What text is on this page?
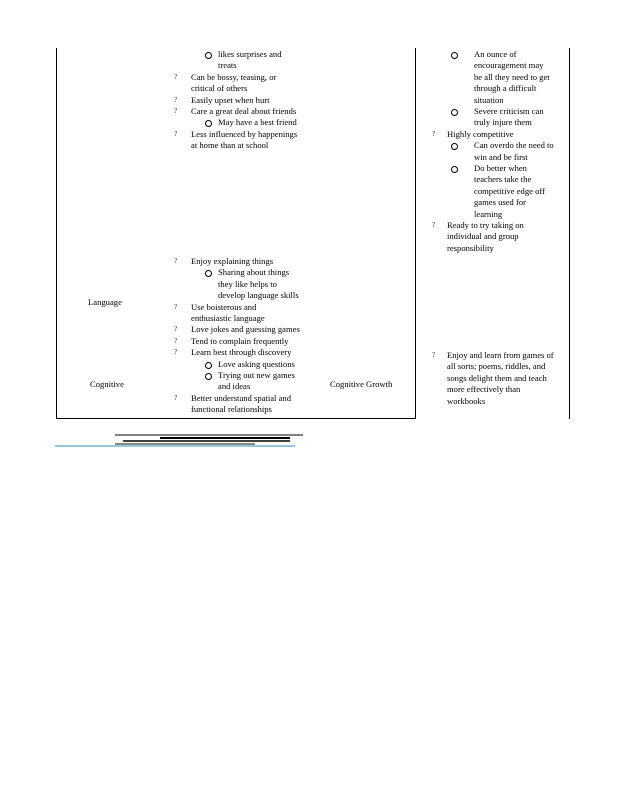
likes surprises and
treats
? Can be bossy, teasing, or
critical of others
? Easily upset when hurt
? Care a great deal about friends
May have a best friend
? Less influenced by happenings
at home than at school
Language
? Enjoy explaining things
Sharing about things
they like helps to
develop language skills
? Use boisterous and
enthusiastic language
? Love jokes and guessing games
? Tend to complain frequently
? Learn best through discovery
Love asking questions
Trying out new games
and ideas
? Better understand spatial and
functional relationships
Cognitive	Cognitive Growth
An ounce of
encouragement may
be all they need to get
through a difficult
situation
Severe criticism can
truly injure them
? Highly competitive
Can overdo the need to
win and be first
Do better when
teachers take the
competitive edge off
games used for
learning
? Ready to try taking on
individual and group
responsibility
? Enjoy and learn from games of
all sorts; poems, riddles, and
songs delight them and teach
more effectively than
workbooks
